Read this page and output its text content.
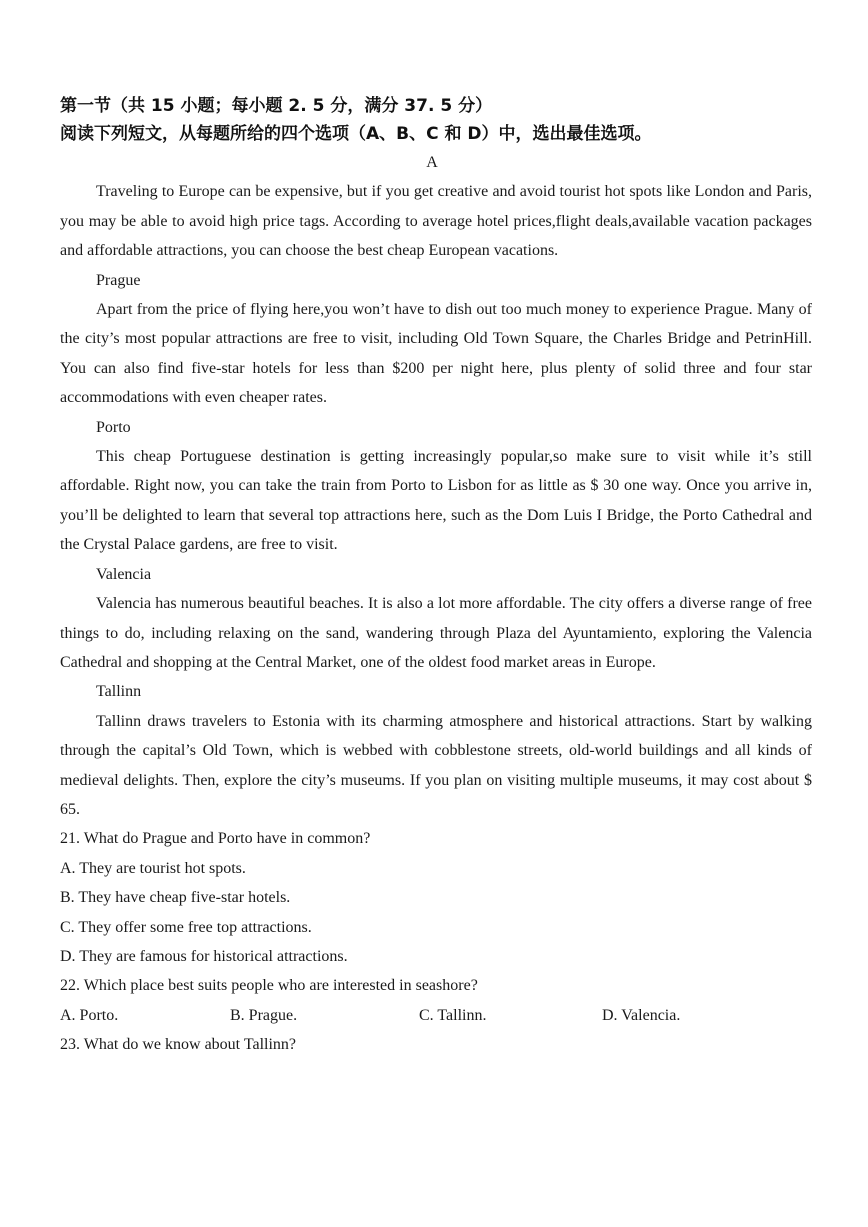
第一节（共 15 小题；每小题 2. 5 分，满分 37. 5 分）
阅读下列短文，从每题所给的四个选项（A、B、C 和 D）中，选出最佳选项。
A

Traveling to Europe can be expensive, but if you get creative and avoid tourist hot spots like London and Paris, you may be able to avoid high price tags. According to average hotel prices,flight deals,available vacation packages and affordable attractions, you can choose the best cheap European vacations.

Prague

Apart from the price of flying here,you won’t have to dish out too much money to experience Prague. Many of the city’s most popular attractions are free to visit, including Old Town Square, the Charles Bridge and PetrinHill. You can also find five-star hotels for less than $200 per night here, plus plenty of solid three and four star accommodations with even cheaper rates.

Porto

This cheap Portuguese destination is getting increasingly popular,so make sure to visit while it’s still affordable. Right now, you can take the train from Porto to Lisbon for as little as $ 30 one way. Once you arrive in, you’ll be delighted to learn that several top attractions here, such as the Dom Luis I Bridge, the Porto Cathedral and the Crystal Palace gardens, are free to visit.

Valencia

Valencia has numerous beautiful beaches. It is also a lot more affordable. The city offers a diverse range of free things to do, including relaxing on the sand, wandering through Plaza del Ayuntamiento, exploring the Valencia Cathedral and shopping at the Central Market, one of the oldest food market areas in Europe.

Tallinn

Tallinn draws travelers to Estonia with its charming atmosphere and historical attractions. Start by walking through the capital’s Old Town, which is webbed with cobblestone streets, old-world buildings and all kinds of medieval delights. Then, explore the city’s museums. If you plan on visiting multiple museums, it may cost about $ 65.

21. What do Prague and Porto have in common?

A. They are tourist hot spots.

B. They have cheap five-star hotels.

C. They offer some free top attractions.

D. They are famous for historical attractions.

22. Which place best suits people who are interested in seashore?

A. Porto.	B. Prague.	C. Tallinn.	D. Valencia.

23. What do we know about Tallinn?
